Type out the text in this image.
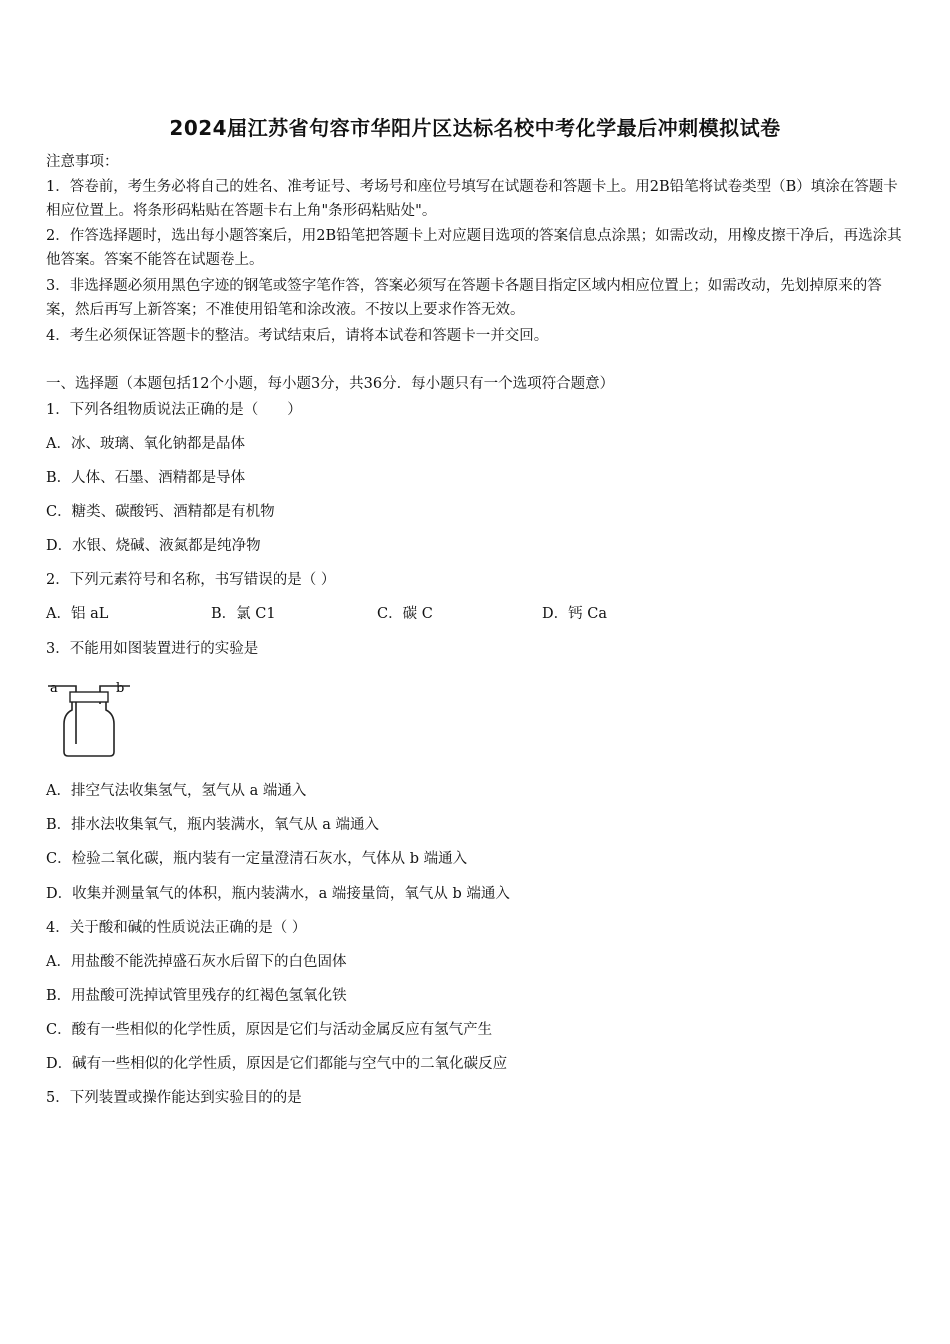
2024届江苏省句容市华阳片区达标名校中考化学最后冲刺模拟试卷
注意事项：
1．答卷前，考生务必将自己的姓名、准考证号、考场号和座位号填写在试题卷和答题卡上。用2B铅笔将试卷类型（B）填涂在答题卡相应位置上。将条形码粘贴在答题卡右上角"条形码粘贴处"。
2．作答选择题时，选出每小题答案后，用2B铅笔把答题卡上对应题目选项的答案信息点涂黑；如需改动，用橡皮擦干净后，再选涂其他答案。答案不能答在试题卷上。
3．非选择题必须用黑色字迹的钢笔或签字笔作答，答案必须写在答题卡各题目指定区域内相应位置上；如需改动，先划掉原来的答案，然后再写上新答案；不准使用铅笔和涂改液。不按以上要求作答无效。
4．考生必须保证答题卡的整洁。考试结束后，请将本试卷和答题卡一并交回。
一、选择题（本题包括12个小题，每小题3分，共36分．每小题只有一个选项符合题意）
1．下列各组物质说法正确的是（　　）
A．冰、玻璃、氧化钠都是晶体
B．人体、石墨、酒精都是导体
C．糖类、碳酸钙、酒精都是有机物
D．水银、烧碱、液氮都是纯净物
2．下列元素符号和名称，书写错误的是（ ）
A．铝 aL	B．氯 C1	C．碳 C	D．钙 Ca
3．不能用如图装置进行的实验是
a	b
A．排空气法收集氢气，氢气从 a 端通入
B．排水法收集氧气，瓶内装满水，氧气从 a 端通入
C．检验二氧化碳，瓶内装有一定量澄清石灰水，气体从 b 端通入
D．收集并测量氧气的体积，瓶内装满水，a 端接量筒，氧气从 b 端通入
4．关于酸和碱的性质说法正确的是（ ）
A．用盐酸不能洗掉盛石灰水后留下的白色固体
B．用盐酸可洗掉试管里残存的红褐色氢氧化铁
C．酸有一些相似的化学性质，原因是它们与活动金属反应有氢气产生
D．碱有一些相似的化学性质，原因是它们都能与空气中的二氧化碳反应
5．下列装置或操作能达到实验目的的是
